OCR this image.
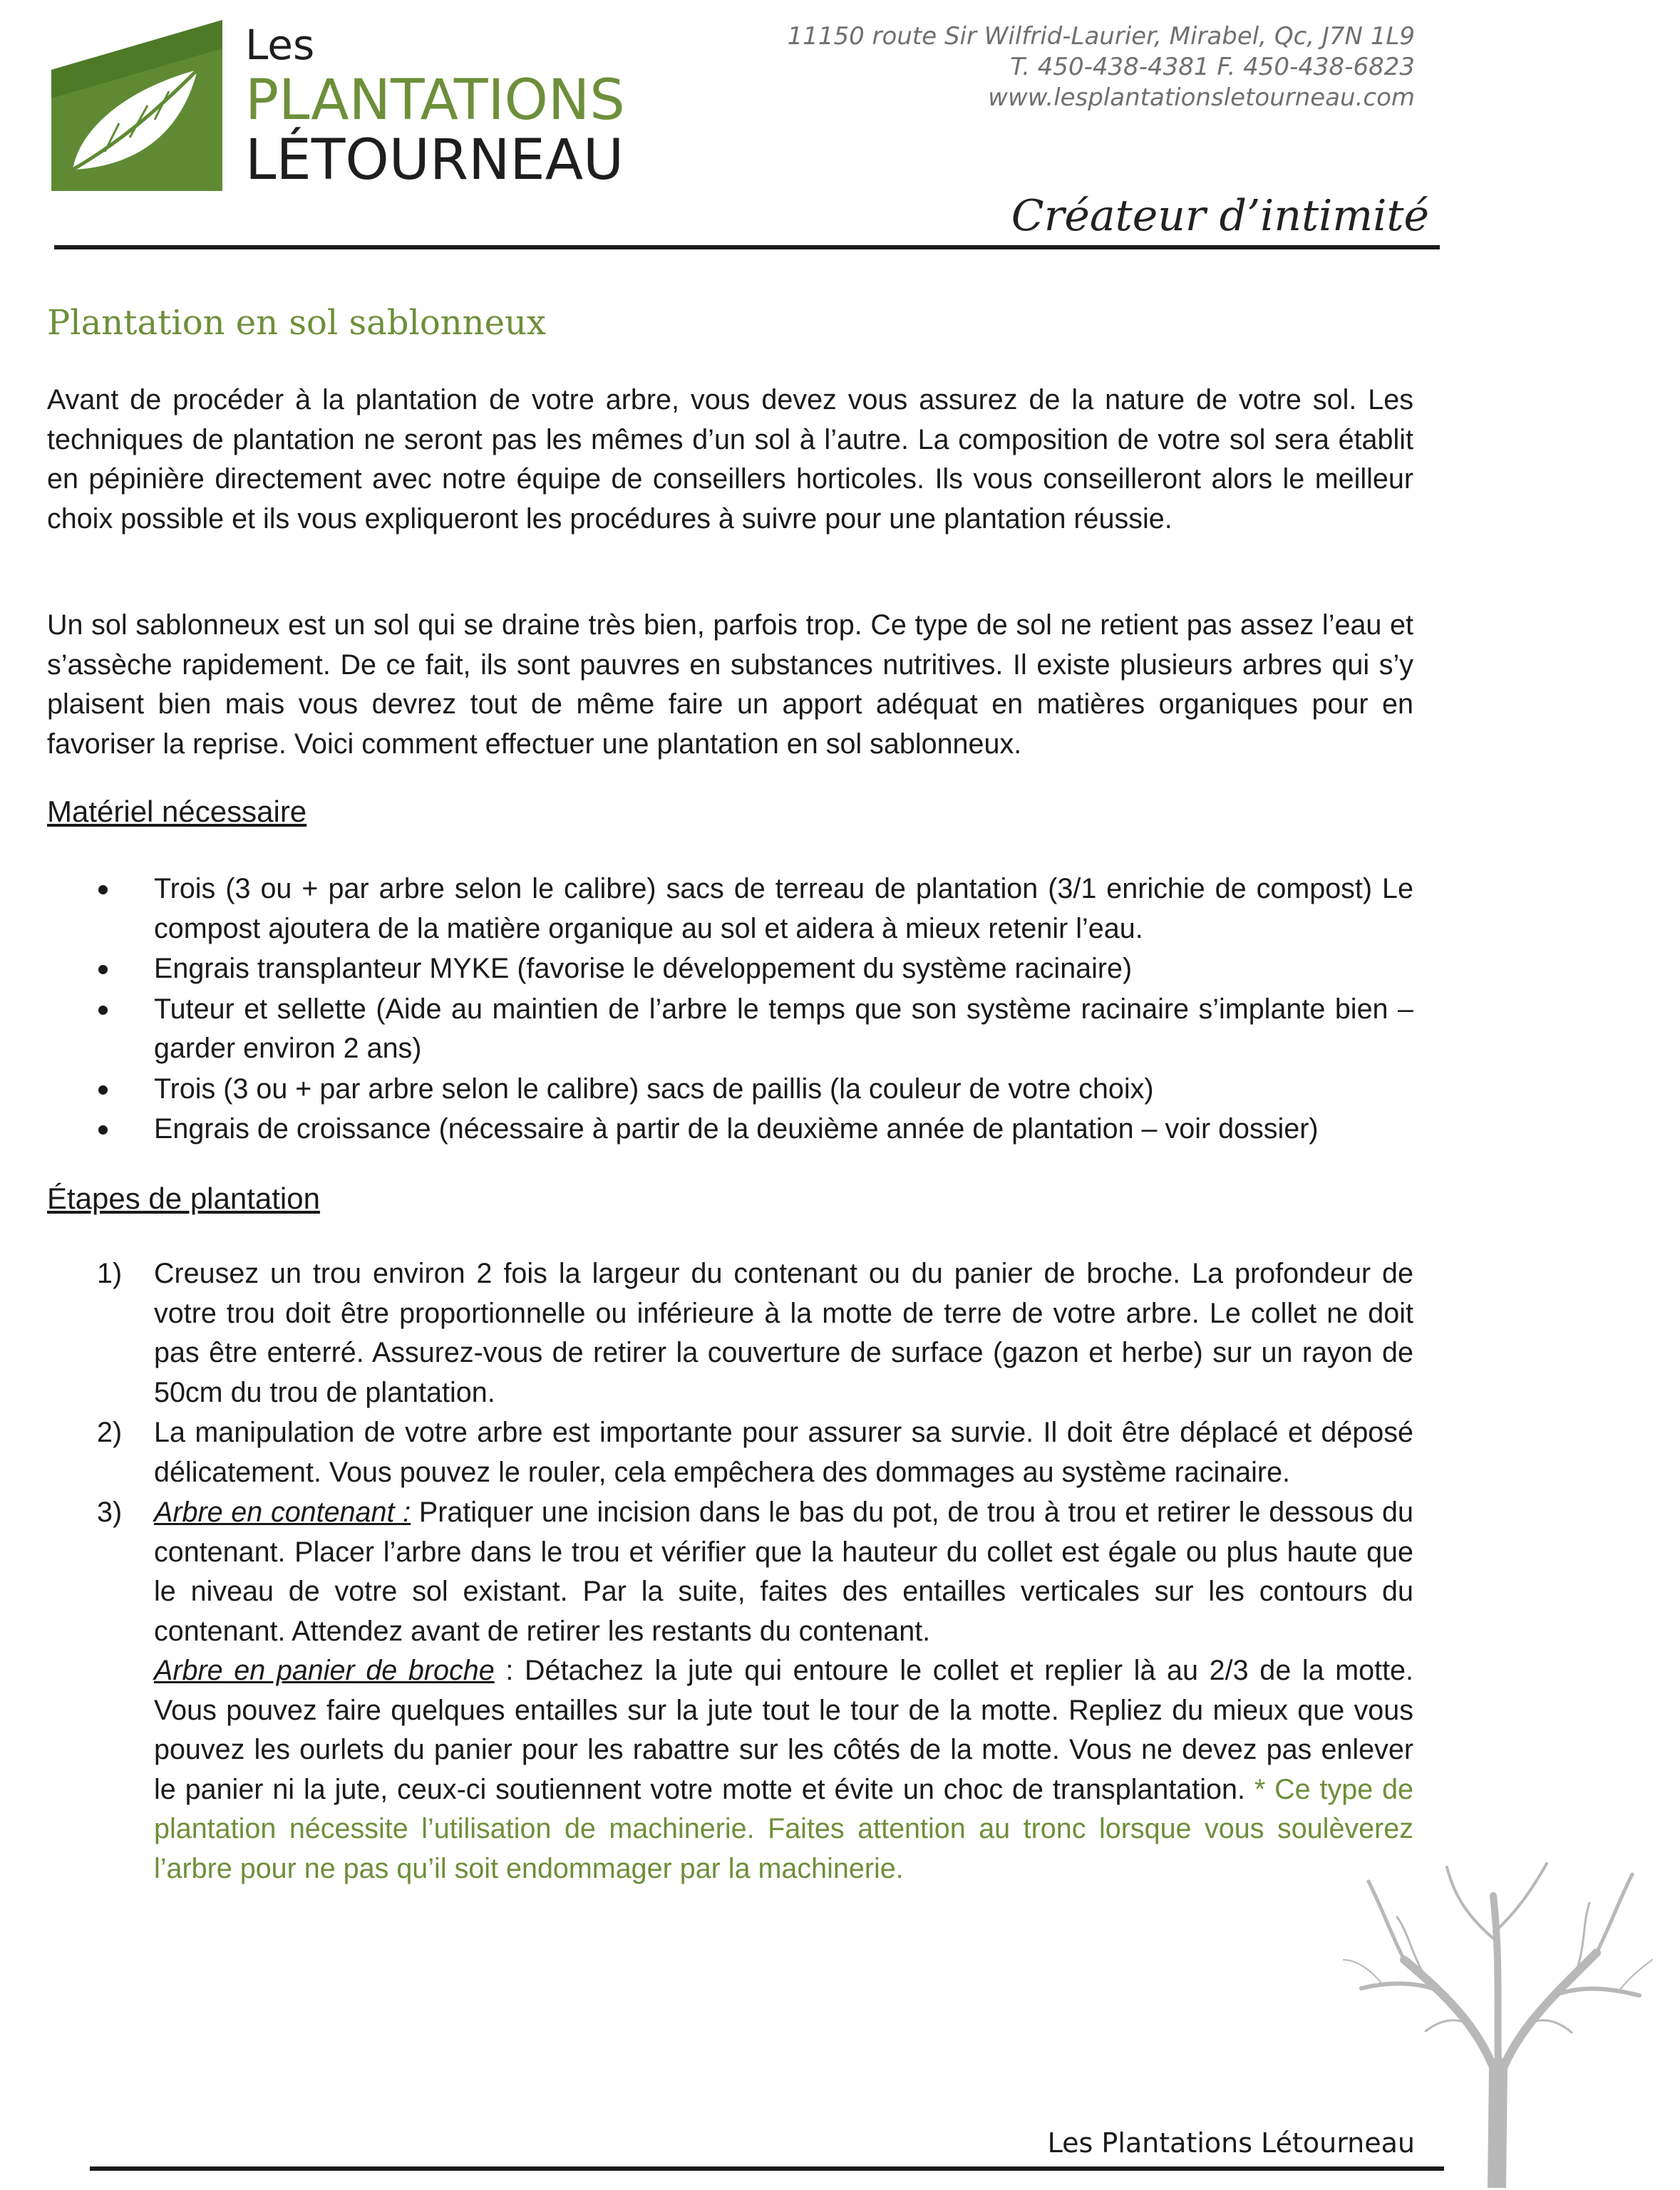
Les
PLANTATIONS
LÉTOURNEAU
11150 route Sir Wilfrid-Laurier, Mirabel, Qc, J7N 1L9
T. 450-438-4381 F. 450-438-6823
www.lesplantationsletourneau.com
Créateur d’intimité
Plantation en sol sablonneux

Avant de procéder à la plantation de votre arbre, vous devez vous assurez de la nature de votre sol. Les techniques de plantation ne seront pas les mêmes d’un sol à l’autre. La composition de votre sol sera établit en pépinière directement avec notre équipe de conseillers horticoles. Ils vous conseilleront alors le meilleur choix possible et ils vous expliqueront les procédures à suivre pour une plantation réussie.

Un sol sablonneux est un sol qui se draine très bien, parfois trop. Ce type de sol ne retient pas assez l’eau et s’assèche rapidement. De ce fait, ils sont pauvres en substances nutritives. Il existe plusieurs arbres qui s’y plaisent bien mais vous devrez tout de même faire un apport adéquat en matières organiques pour en favoriser la reprise. Voici comment effectuer une plantation en sol sablonneux.

Matériel nécessaire
Trois (3 ou + par arbre selon le calibre) sacs de terreau de plantation (3/1 enrichie de compost) Le compost ajoutera de la matière organique au sol et aidera à mieux retenir l’eau.
Engrais transplanteur MYKE (favorise le développement du système racinaire)
Tuteur et sellette (Aide au maintien de l’arbre le temps que son système racinaire s’implante bien – garder environ 2 ans)
Trois (3 ou + par arbre selon le calibre) sacs de paillis (la couleur de votre choix)
Engrais de croissance (nécessaire à partir de la deuxième année de plantation – voir dossier)
Étapes de plantation
1) Creusez un trou environ 2 fois la largeur du contenant ou du panier de broche. La profondeur de votre trou doit être proportionnelle ou inférieure à la motte de terre de votre arbre. Le collet ne doit pas être enterré. Assurez-vous de retirer la couverture de surface (gazon et herbe) sur un rayon de 50cm du trou de plantation.
2) La manipulation de votre arbre est importante pour assurer sa survie. Il doit être déplacé et déposé délicatement. Vous pouvez le rouler, cela empêchera des dommages au système racinaire.
3) Arbre en contenant : Pratiquer une incision dans le bas du pot, de trou à trou et retirer le dessous du contenant. Placer l’arbre dans le trou et vérifier que la hauteur du collet est égale ou plus haute que le niveau de votre sol existant. Par la suite, faites des entailles verticales sur les contours du contenant. Attendez avant de retirer les restants du contenant.
Arbre en panier de broche : Détachez la jute qui entoure le collet et replier là au 2/3 de la motte. Vous pouvez faire quelques entailles sur la jute tout le tour de la motte. Repliez du mieux que vous pouvez les ourlets du panier pour les rabattre sur les côtés de la motte. Vous ne devez pas enlever le panier ni la jute, ceux-ci soutiennent votre motte et évite un choc de transplantation. * Ce type de plantation nécessite l’utilisation de machinerie. Faites attention au tronc lorsque vous soulèverez l’arbre pour ne pas qu’il soit endommager par la machinerie.
Les Plantations Létourneau
